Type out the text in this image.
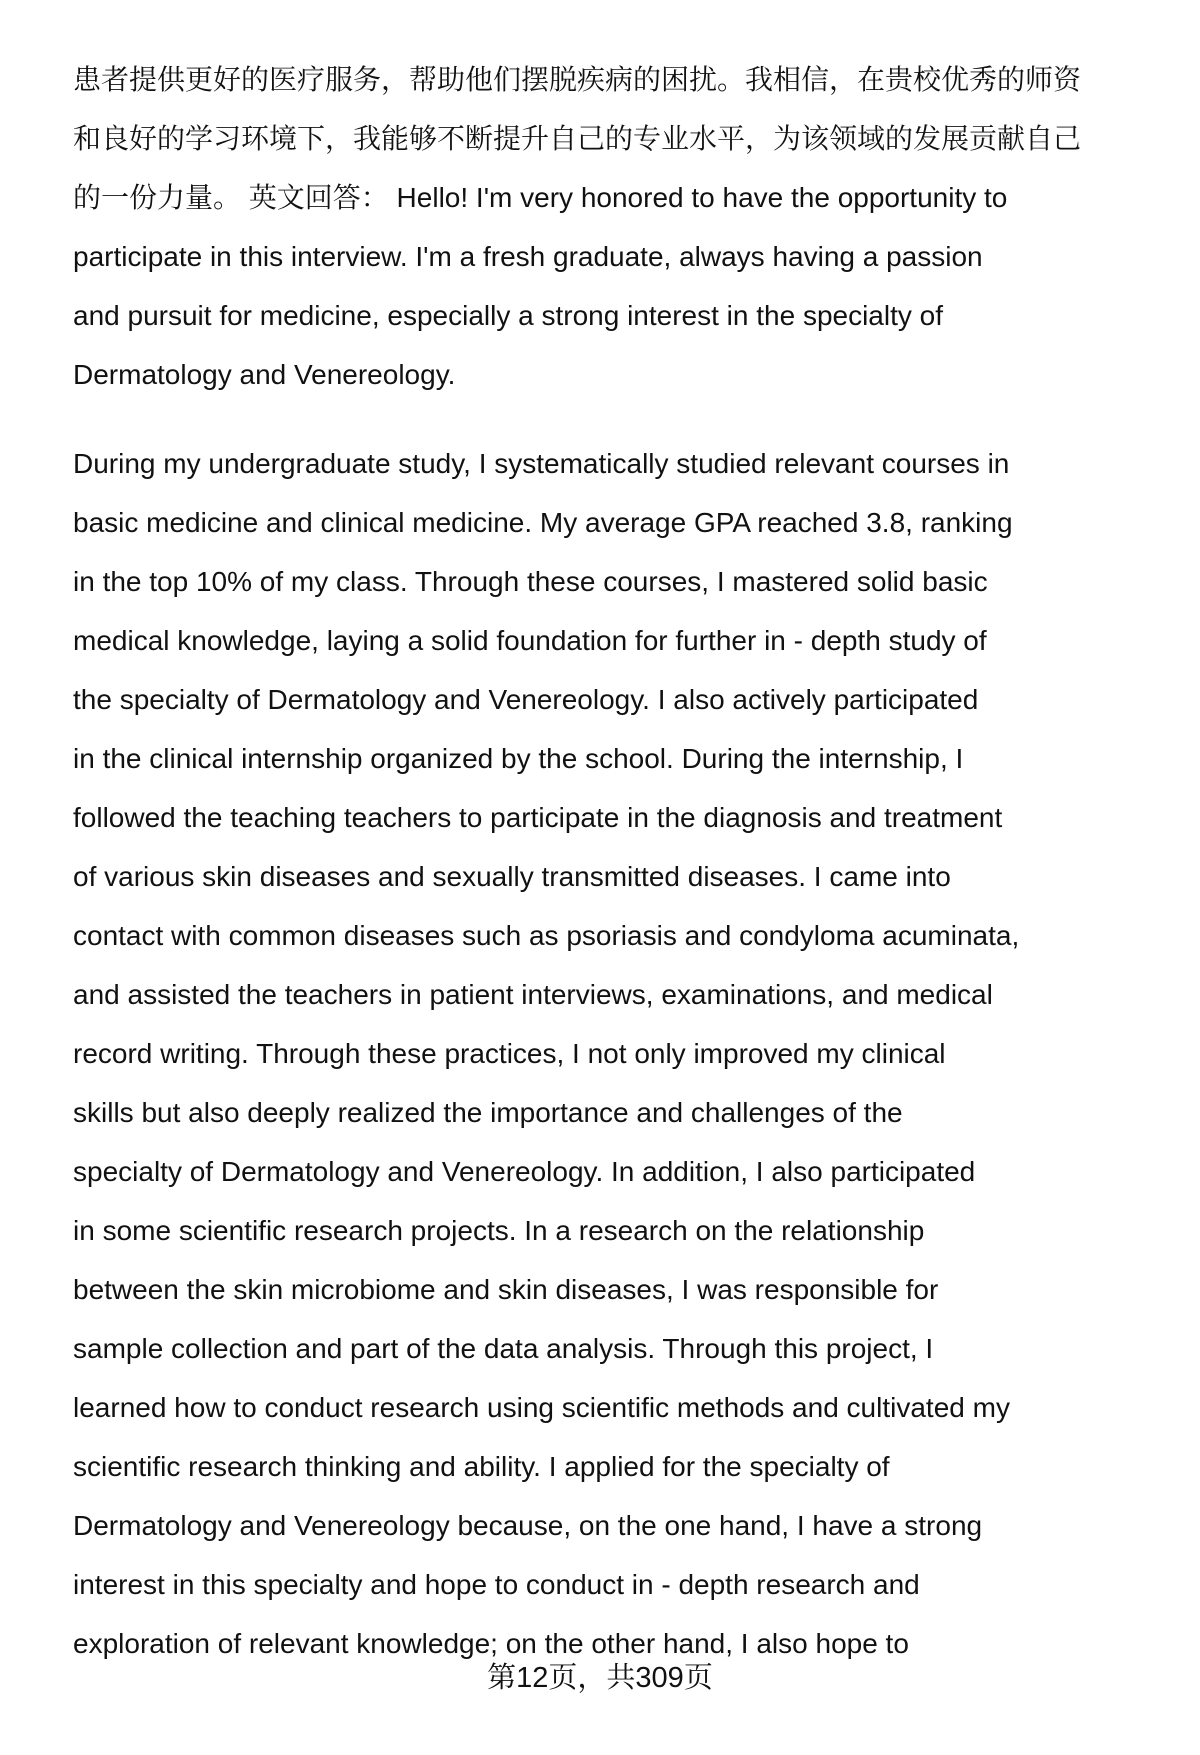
患者提供更好的医疗服务，帮助他们摆脱疾病的困扰。我相信，在贵校优秀的师资
和良好的学习环境下，我能够不断提升自己的专业水平，为该领域的发展贡献自己
的一份力量。 英文回答： Hello! I'm very honored to have the opportunity to
participate in this interview. I'm a fresh graduate, always having a passion
and pursuit for medicine, especially a strong interest in the specialty of
Dermatology and Venereology.
During my undergraduate study, I systematically studied relevant courses in
basic medicine and clinical medicine. My average GPA reached 3.8, ranking
in the top 10% of my class. Through these courses, I mastered solid basic
medical knowledge, laying a solid foundation for further in - depth study of
the specialty of Dermatology and Venereology. I also actively participated
in the clinical internship organized by the school. During the internship, I
followed the teaching teachers to participate in the diagnosis and treatment
of various skin diseases and sexually transmitted diseases. I came into
contact with common diseases such as psoriasis and condyloma acuminata,
and assisted the teachers in patient interviews, examinations, and medical
record writing. Through these practices, I not only improved my clinical
skills but also deeply realized the importance and challenges of the
specialty of Dermatology and Venereology. In addition, I also participated
in some scientific research projects. In a research on the relationship
between the skin microbiome and skin diseases, I was responsible for
sample collection and part of the data analysis. Through this project, I
learned how to conduct research using scientific methods and cultivated my
scientific research thinking and ability. I applied for the specialty of
Dermatology and Venereology because, on the one hand, I have a strong
interest in this specialty and hope to conduct in - depth research and
exploration of relevant knowledge; on the other hand, I also hope to
第12页，共309页
